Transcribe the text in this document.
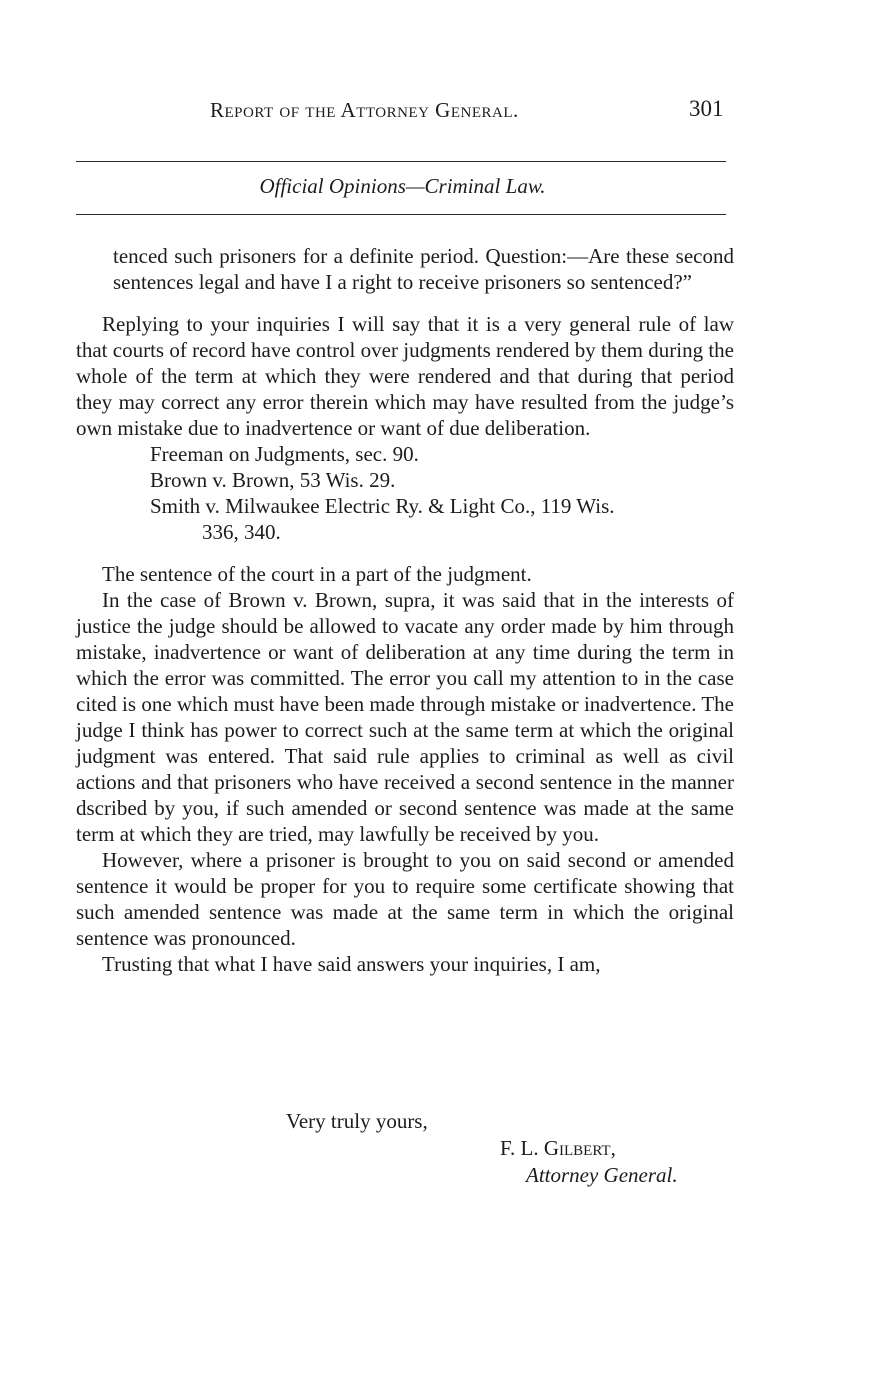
Report of the Attorney General.	301
Official Opinions—Criminal Law.

tenced such prisoners for a definite period. Question:—Are these second sentences legal and have I a right to receive prisoners so sentenced?”

Replying to your inquiries I will say that it is a very general rule of law that courts of record have control over judgments rendered by them during the whole of the term at which they were rendered and that during that period they may correct any error therein which may have resulted from the judge’s own mistake due to inadvertence or want of due deliberation.

Freeman on Judgments, sec. 90.

Brown v. Brown, 53 Wis. 29.

Smith v. Milwaukee Electric Ry. & Light Co., 119 Wis.

336, 340.

The sentence of the court in a part of the judgment.

In the case of Brown v. Brown, supra, it was said that in the interests of justice the judge should be allowed to vacate any order made by him through mistake, inadvertence or want of deliberation at any time during the term in which the error was committed. The error you call my attention to in the case cited is one which must have been made through mistake or inadvertence. The judge I think has power to correct such at the same term at which the original judgment was entered. That said rule applies to criminal as well as civil actions and that prisoners who have received a second sentence in the manner dscribed by you, if such amended or second sentence was made at the same term at which they are tried, may lawfully be received by you.

However, where a prisoner is brought to you on said second or amended sentence it would be proper for you to require some certificate showing that such amended sentence was made at the same term in which the original sentence was pronounced.

Trusting that what I have said answers your inquiries, I am,

Very truly yours,
F. L. Gilbert,
Attorney General.
